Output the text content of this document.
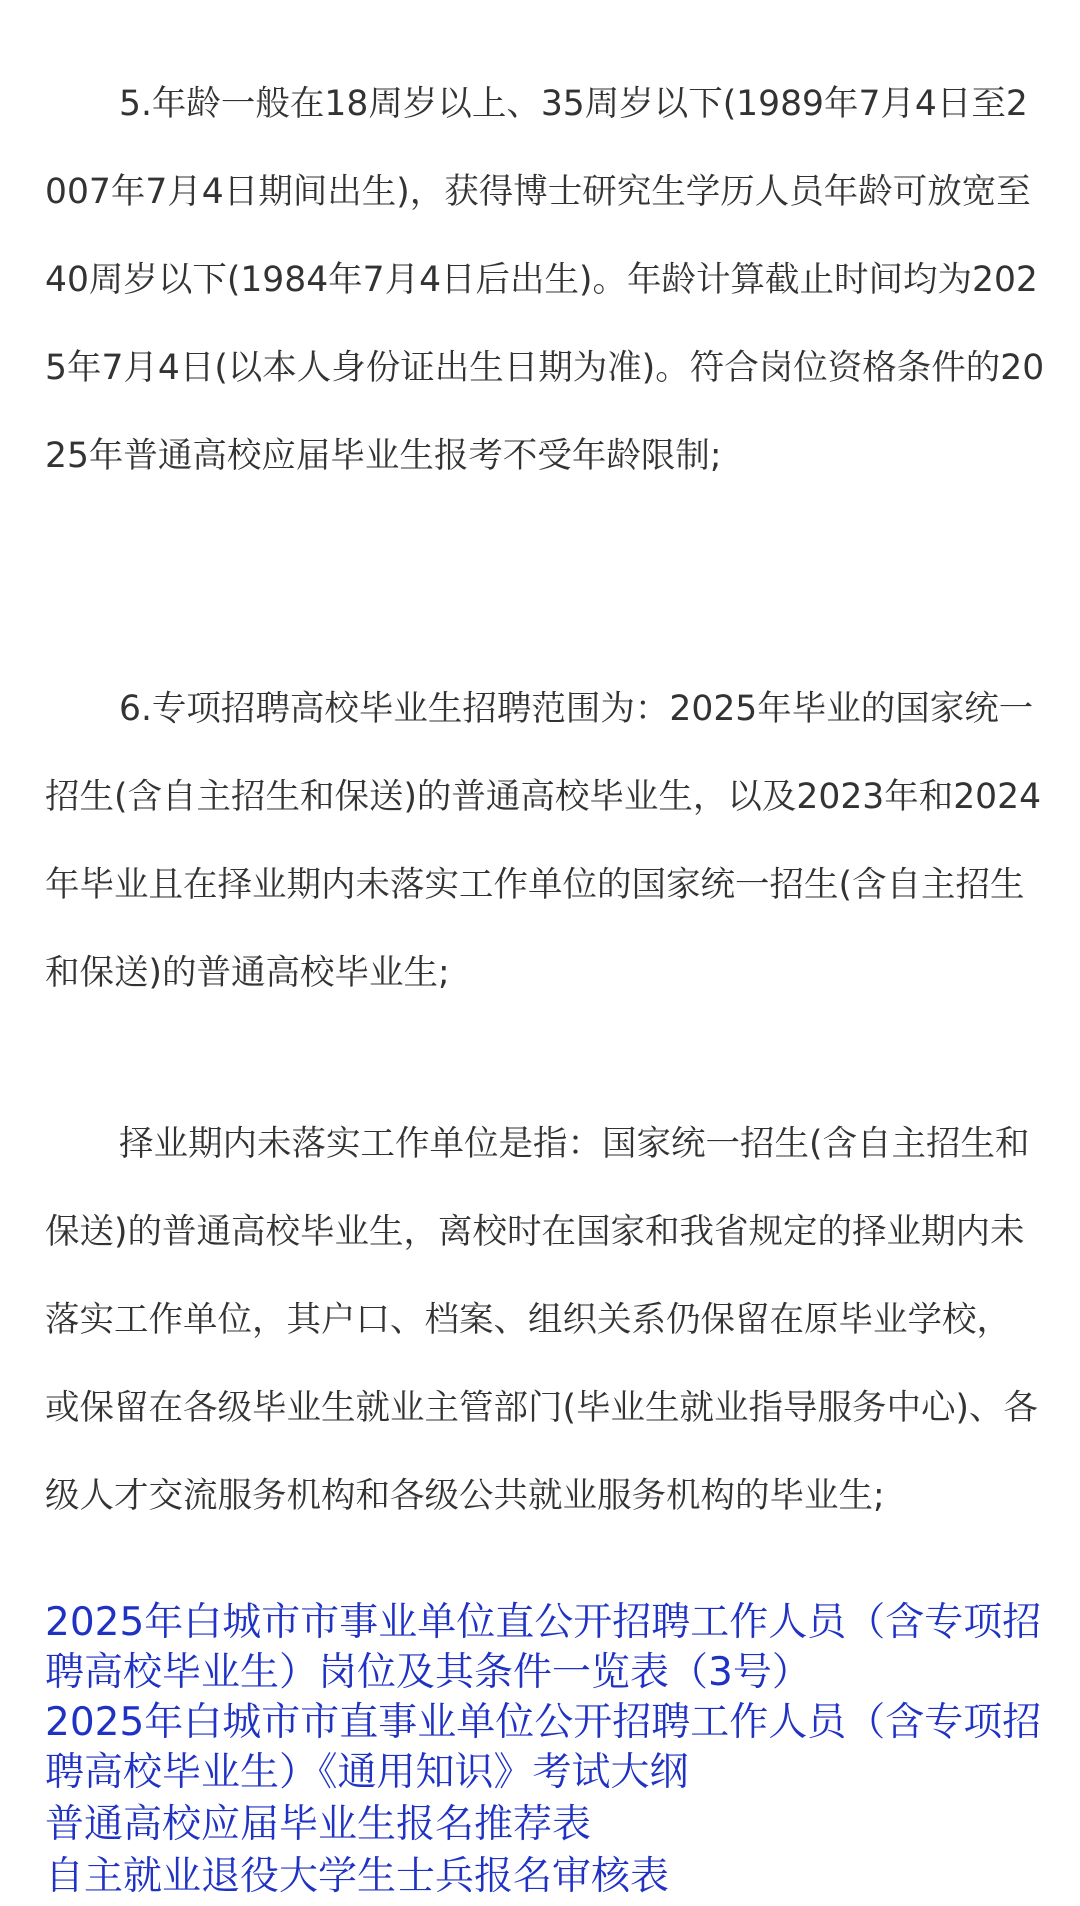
5.年龄一般在18周岁以上、35周岁以下(1989年7月4日至2007年7月4日期间出生)，获得博士研究生学历人员年龄可放宽至40周岁以下(1984年7月4日后出生)。年龄计算截止时间均为2025年7月4日(以本人身份证出生日期为准)。符合岗位资格条件的2025年普通高校应届毕业生报考不受年龄限制;

6.专项招聘高校毕业生招聘范围为：2025年毕业的国家统一招生(含自主招生和保送)的普通高校毕业生，以及2023年和2024年毕业且在择业期内未落实工作单位的国家统一招生(含自主招生和保送)的普通高校毕业生;

择业期内未落实工作单位是指：国家统一招生(含自主招生和保送)的普通高校毕业生，离校时在国家和我省规定的择业期内未落实工作单位，其户口、档案、组织关系仍保留在原毕业学校，或保留在各级毕业生就业主管部门(毕业生就业指导服务中心)、各级人才交流服务机构和各级公共就业服务机构的毕业生;

2025年白城市市事业单位直公开招聘工作人员（含专项招聘高校毕业生）岗位及其条件一览表（3号）
2025年白城市市直事业单位公开招聘工作人员（含专项招聘高校毕业生）《通用知识》考试大纲
普通高校应届毕业生报名推荐表
自主就业退役大学生士兵报名审核表
